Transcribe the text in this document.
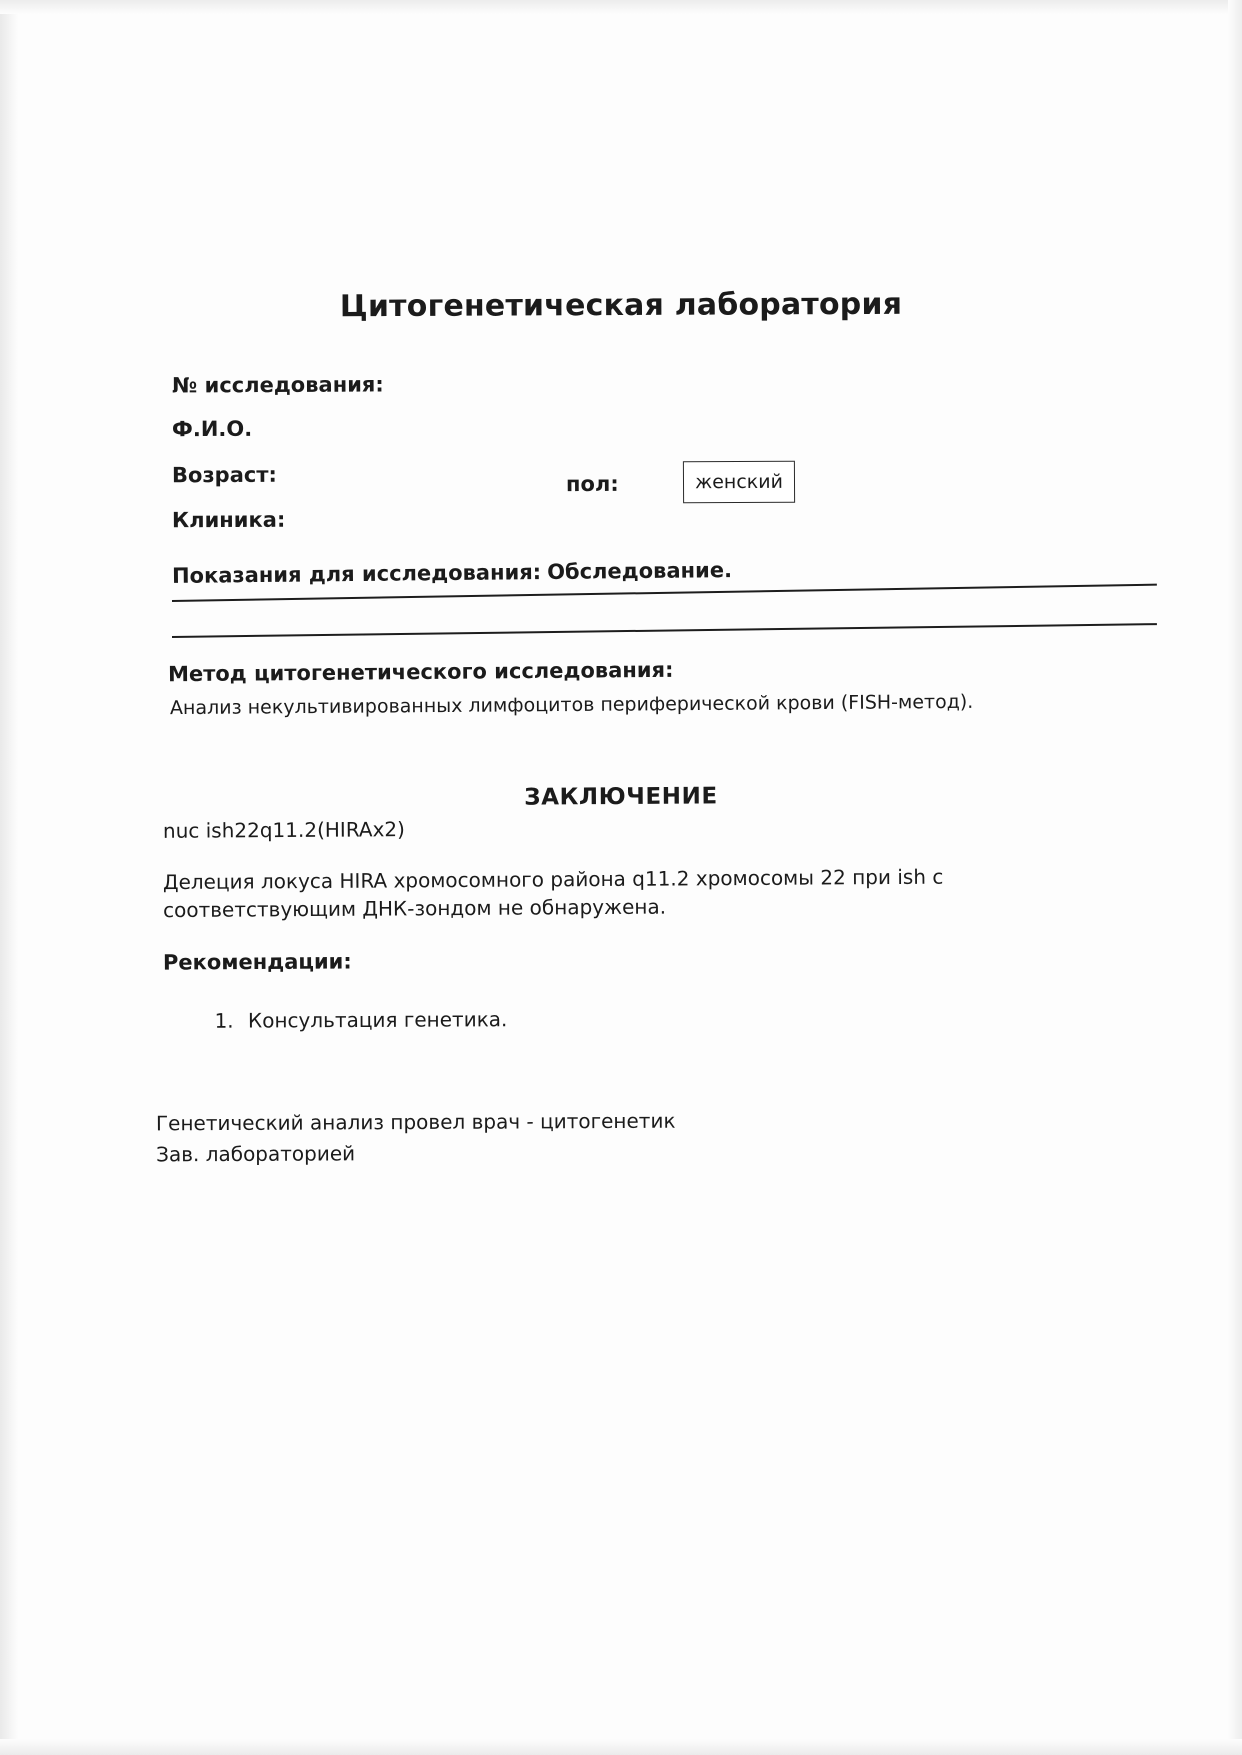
Цитогенетическая лаборатория
№ исследования:
Ф.И.О.
Возраст:	пол:	женский
Клиника:
Показания для исследования: Обследование.
Метод цитогенетического исследования:
Анализ некультивированных лимфоцитов периферической крови (FISH-метод).
ЗАКЛЮЧЕНИЕ
nuc ish22q11.2(HIRAx2)
Делеция локуса HIRA хромосомного района q11.2 хромосомы 22 при ish с соответствующим ДНК-зондом не обнаружена.
Рекомендации:
1. Консультация генетика.
Генетический анализ провел врач - цитогенетик
Зав. лабораторией
